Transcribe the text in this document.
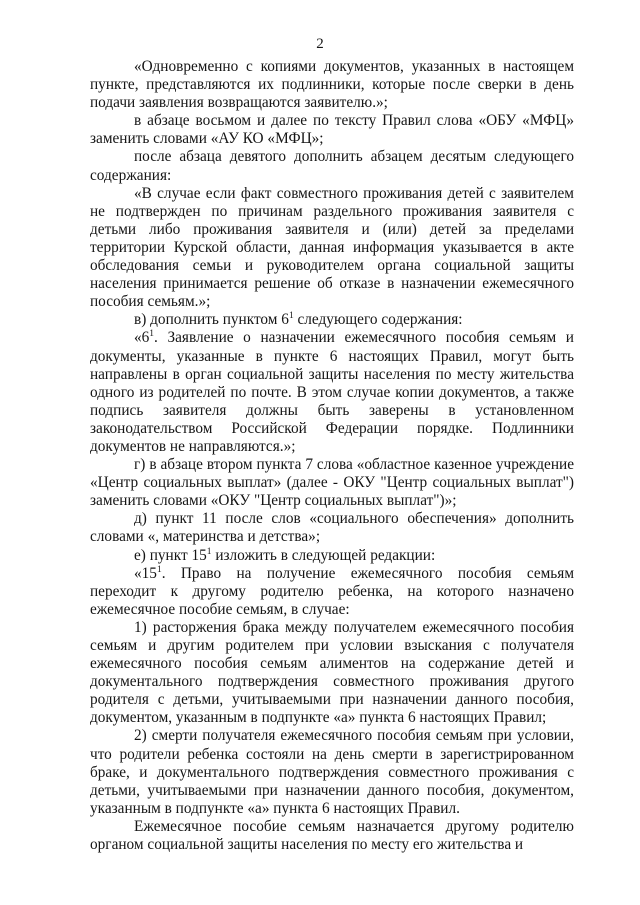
2

«Одновременно с копиями документов, указанных в настоящем пункте, представляются их подлинники, которые после сверки в день подачи заявления возвращаются заявителю.»;

в абзаце восьмом и далее по тексту Правил слова «ОБУ «МФЦ» заменить словами «АУ КО «МФЦ»;

после абзаца девятого дополнить абзацем десятым следующего содержания:

«В случае если факт совместного проживания детей с заявителем не подтвержден по причинам раздельного проживания заявителя с детьми либо проживания заявителя и (или) детей за пределами территории Курской области, данная информация указывается в акте обследования семьи и руководителем органа социальной защиты населения принимается решение об отказе в назначении ежемесячного пособия семьям.»;

в) дополнить пунктом $6^1$ следующего содержания:

«$6^1$. Заявление о назначении ежемесячного пособия семьям и документы, указанные в пункте 6 настоящих Правил, могут быть направлены в орган социальной защиты населения по месту жительства одного из родителей по почте. В этом случае копии документов, а также подпись заявителя должны быть заверены в установленном законодательством Российской Федерации порядке. Подлинники документов не направляются.»;

г) в абзаце втором пункта 7 слова «областное казенное учреждение «Центр социальных выплат» (далее - ОКУ "Центр социальных выплат") заменить словами «ОКУ "Центр социальных выплат")»;

д) пункт 11 после слов «социального обеспечения» дополнить словами «, материнства и детства»;

е) пункт $15^1$ изложить в следующей редакции:

«$15^1$. Право на получение ежемесячного пособия семьям переходит к другому родителю ребенка, на которого назначено ежемесячное пособие семьям, в случае:

1) расторжения брака между получателем ежемесячного пособия семьям и другим родителем при условии взыскания с получателя ежемесячного пособия семьям алиментов на содержание детей и документального подтверждения совместного проживания другого родителя с детьми, учитываемыми при назначении данного пособия, документом, указанным в подпункте «а» пункта 6 настоящих Правил;

2) смерти получателя ежемесячного пособия семьям при условии, что родители ребенка состояли на день смерти в зарегистрированном браке, и документального подтверждения совместного проживания с детьми, учитываемыми при назначении данного пособия, документом, указанным в подпункте «а» пункта 6 настоящих Правил.

Ежемесячное пособие семьям назначается другому родителю органом социальной защиты населения по месту его жительства и
